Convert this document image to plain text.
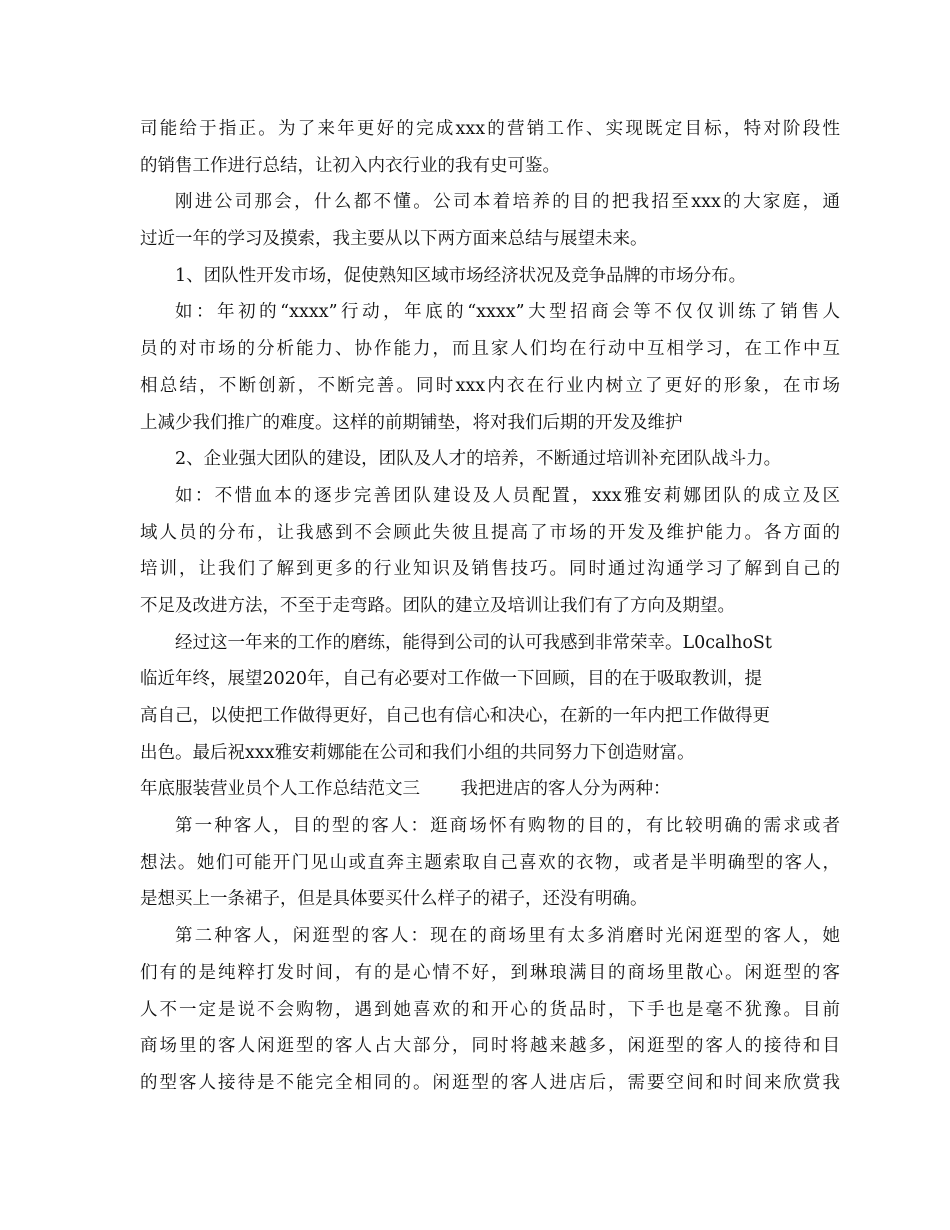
司能给于指正。为了来年更好的完成xxx的营销工作、实现既定目标，特对阶段性

的销售工作进行总结，让初入内衣行业的我有史可鉴。

刚进公司那会，什么都不懂。公司本着培养的目的把我招至xxx的大家庭，通

过近一年的学习及摸索，我主要从以下两方面来总结与展望未来。

1、团队性开发市场，促使熟知区域市场经济状况及竞争品牌的市场分布。

如：年初的“xxxx”行动，年底的“xxxx”大型招商会等不仅仅训练了销售人

员的对市场的分析能力、协作能力，而且家人们均在行动中互相学习，在工作中互

相总结，不断创新，不断完善。同时xxx内衣在行业内树立了更好的形象，在市场

上减少我们推广的难度。这样的前期铺垫，将对我们后期的开发及维护

2、企业强大团队的建设，团队及人才的培养，不断通过培训补充团队战斗力。

如：不惜血本的逐步完善团队建设及人员配置，xxx雅安莉娜团队的成立及区

域人员的分布，让我感到不会顾此失彼且提高了市场的开发及维护能力。各方面的

培训，让我们了解到更多的行业知识及销售技巧。同时通过沟通学习了解到自己的

不足及改进方法，不至于走弯路。团队的建立及培训让我们有了方向及期望。

经过这一年来的工作的磨练，能得到公司的认可我感到非常荣幸。L0calhoSt

临近年终，展望2020年，自己有必要对工作做一下回顾，目的在于吸取教训，提

高自己，以使把工作做得更好，自己也有信心和决心，在新的一年内把工作做得更

出色。最后祝xxx雅安莉娜能在公司和我们小组的共同努力下创造财富。

年底服装营业员个人工作总结范文三　　 我把进店的客人分为两种：

第一种客人，目的型的客人：逛商场怀有购物的目的，有比较明确的需求或者

想法。她们可能开门见山或直奔主题索取自己喜欢的衣物，或者是半明确型的客人，

是想买上一条裙子，但是具体要买什么样子的裙子，还没有明确。

第二种客人，闲逛型的客人：现在的商场里有太多消磨时光闲逛型的客人，她

们有的是纯粹打发时间，有的是心情不好，到琳琅满目的商场里散心。闲逛型的客

人不一定是说不会购物，遇到她喜欢的和开心的货品时，下手也是毫不犹豫。目前

商场里的客人闲逛型的客人占大部分，同时将越来越多，闲逛型的客人的接待和目

的型客人接待是不能完全相同的。闲逛型的客人进店后，需要空间和时间来欣赏我
